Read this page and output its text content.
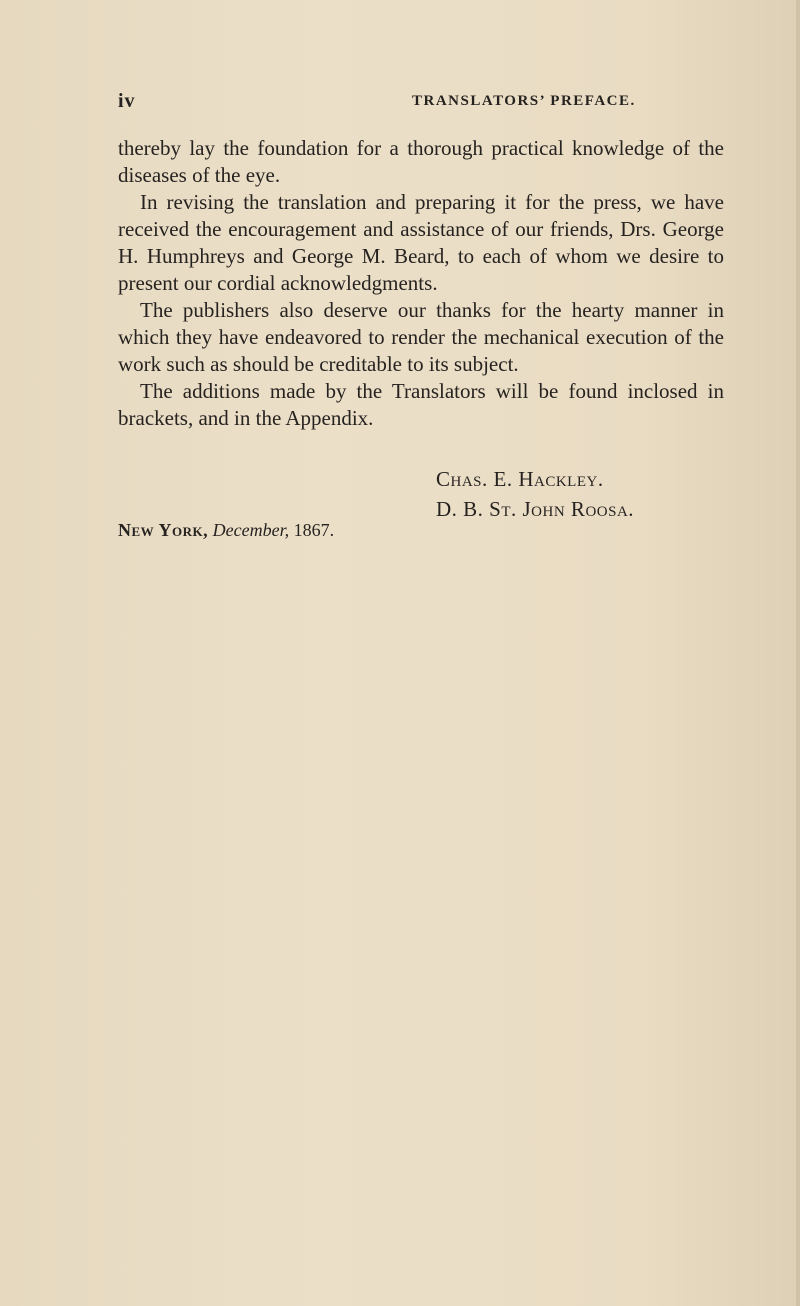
iv	TRANSLATORS’ PREFACE.

thereby lay the foundation for a thorough practical knowledge of the
diseases of the eye.

In revising the translation and preparing it for the press, we have
received the encouragement and assistance of our friends, Drs. George
H. Humphreys and George M. Beard, to each of whom we desire to
present our cordial acknowledgments.

The publishers also deserve our thanks for the hearty manner in
which they have endeavored to render the mechanical execution of the
work such as should be creditable to its subject.

The additions made by the Translators will be found inclosed in
brackets, and in the Appendix.

Chas. E. Hackley.
D. B. St. John Roosa.
New York, December, 1867.
